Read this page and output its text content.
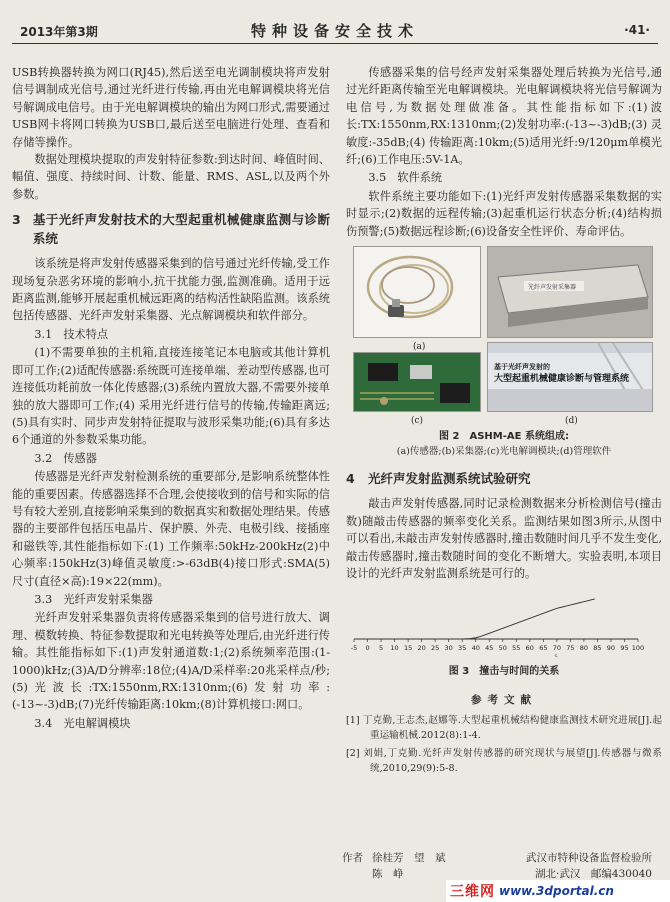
2013年第3期	特种设备安全技术	·41·

USB转换器转换为网口(RJ45),然后送至电光调制模块将声发射信号调制成光信号,通过光纤进行传输,再由光电解调模块将光信号解调成电信号。由于光电解调模块的输出为网口形式,需要通过USB网卡将网口转换为USB口,最后送至电脑进行处理、查看和存储等操作。

数据处理模块提取的声发射特征参数:到达时间、峰值时间、幅值、强度、持续时间、计数、能量、RMS、ASL,以及两个外参数。

3 基于光纤声发射技术的大型起重机械健康监测与诊断系统

该系统是将声发射传感器采集到的信号通过光纤传输,受工作现场复杂恶劣环境的影响小,抗干扰能力强,监测准确。适用于远距离监测,能够开展起重机械远距离的结构活性缺陷监测。该系统包括传感器、光纤声发射采集器、光点解调模块和软件部分。

3.1　技术特点

(1)不需要单独的主机箱,直接连接笔记本电脑或其他计算机即可工作;(2)适配传感器:系统既可连接单端、差动型传感器,也可连接低功耗前放一体化传感器;(3)系统内置放大器,不需要外接单独的放大器即可工作;(4) 采用光纤进行信号的传输,传输距离远;(5)具有实时、同步声发射特征提取与波形采集功能;(6)具有多达6个通道的外参数采集功能。

3.2　传感器

传感器是光纤声发射检测系统的重要部分,是影响系统整体性能的重要因素。传感器选择不合理,会使接收到的信号和实际的信号有较大差别,直接影响采集到的数据真实和数据处理结果。传感器的主要部件包括压电晶片、保护膜、外壳、电极引线、接插座和磁铁等,其性能指标如下:(1) 工作频率:50kHz-200kHz(2)中心频率:150kHz(3)峰值灵敏度:>-63dB(4)接口形式:SMA(5)尺寸(直径×高):19×22(mm)。

3.3　光纤声发射采集器

光纤声发射采集器负责将传感器采集到的信号进行放大、调理、模数转换、特征参数提取和光电转换等处理后,由光纤进行传输。其性能指标如下:(1)声发射通道数:1;(2)系统频率范围:(1-1000)kHz;(3)A/D分辨率:18位;(4)A/D采样率:20兆采样点/秒;(5)光波长:TX:1550nm,RX:1310nm;(6)发射功率:(-13~-3)dB;(7)光纤传输距离:10km;(8)计算机接口:网口。

3.4　光电解调模块

传感器采集的信号经声发射采集器处理后转换为光信号,通过光纤距离传输至光电解调模块。光电解调模块将光信号解调为电信号,为数据处理做准备。其性能指标如下:(1)波长:TX:1550nm,RX:1310nm;(2)发射功率:(-13~-3)dB;(3) 灵敏度:-35dB;(4) 传输距离:10km;(5)适用光纤:9/120μm单模光纤;(6)工作电压:5V-1A。

3.5　软件系统

软件系统主要功能如下:(1)光纤声发射传感器采集数据的实时显示;(2)数据的远程传输;(3)起重机运行状态分析;(4)结构损伤预警;(5)数据远程诊断;(6)设备安全性评价、寿命评估。

(a)
光纤声发射采集器
(c)
基于光纤声发射的
大型起重机械健康诊断与管理系统
(d)
图 2 ASHM-AE 系统组成:
(a)传感器;(b)采集器;(c)光电解调模块;(d)管理软件
4	光纤声发射监测系统试验研究

敲击声发射传感器,同时记录检测数据来分析检测信号(撞击数)随敲击传感器的频率变化关系。监测结果如图3所示,从图中可以看出,未敲击声发射传感器时,撞击数随时间几乎不发生变化,敲击传感器时,撞击数随时间的变化不断增大。实验表明,本项目设计的光纤声发射监测系统是可行的。

-5 0 5 10 15 20 25 30 35 40 45 50 55 60 65 70 75 80 85 90 95 100
s
图 3 撞击与时间的关系
参考文献
[1] 丁克勤,王志杰,赵娜等.大型起重机械结构健康监测技术研究进展[J].起重运输机械.2012(8):1-4.
[2] 刘娟,丁克勤.光纤声发射传感器的研究现状与展望[J].传感器与微系统,2010,29(9):5-8.
作者 徐桂芳　望　斌	武汉市特种设备监督检验所
陈　峥	湖北·武汉　 邮编430040
三维网 www.3dportal.cn
